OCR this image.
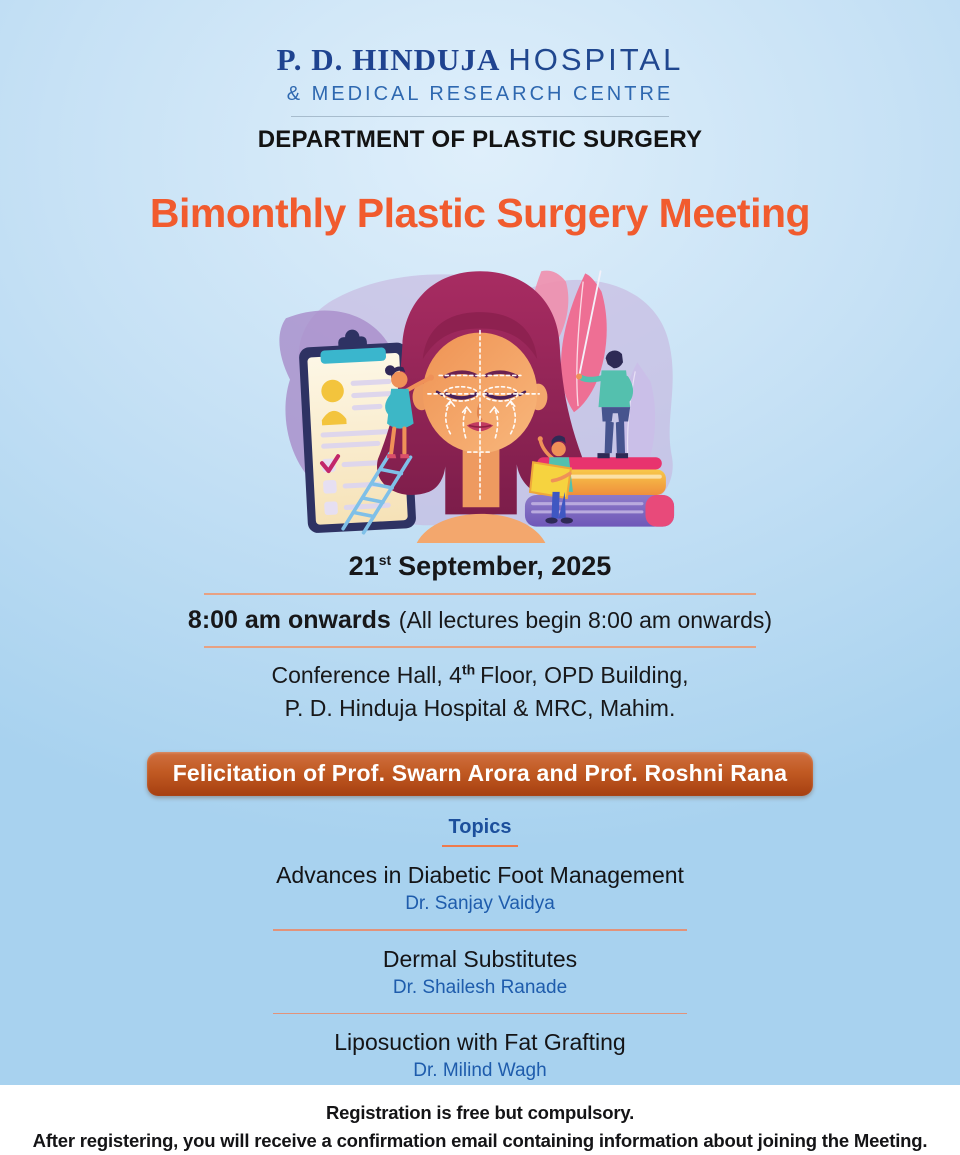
P. D. HINDUJA HOSPITAL
& MEDICAL RESEARCH CENTRE
DEPARTMENT OF PLASTIC SURGERY
Bimonthly Plastic Surgery Meeting
21st September, 2025
8:00 am onwards (All lectures begin 8:00 am onwards)
Conference Hall, 4th Floor, OPD Building,
P. D. Hinduja Hospital & MRC, Mahim.
Felicitation of Prof. Swarn Arora and Prof. Roshni Rana
Topics
Advances in Diabetic Foot Management
Dr. Sanjay Vaidya
Dermal Substitutes
Dr. Shailesh Ranade
Liposuction with Fat Grafting
Dr. Milind Wagh
Registration is free but compulsory.
After registering, you will receive a confirmation email containing information about joining the Meeting.
